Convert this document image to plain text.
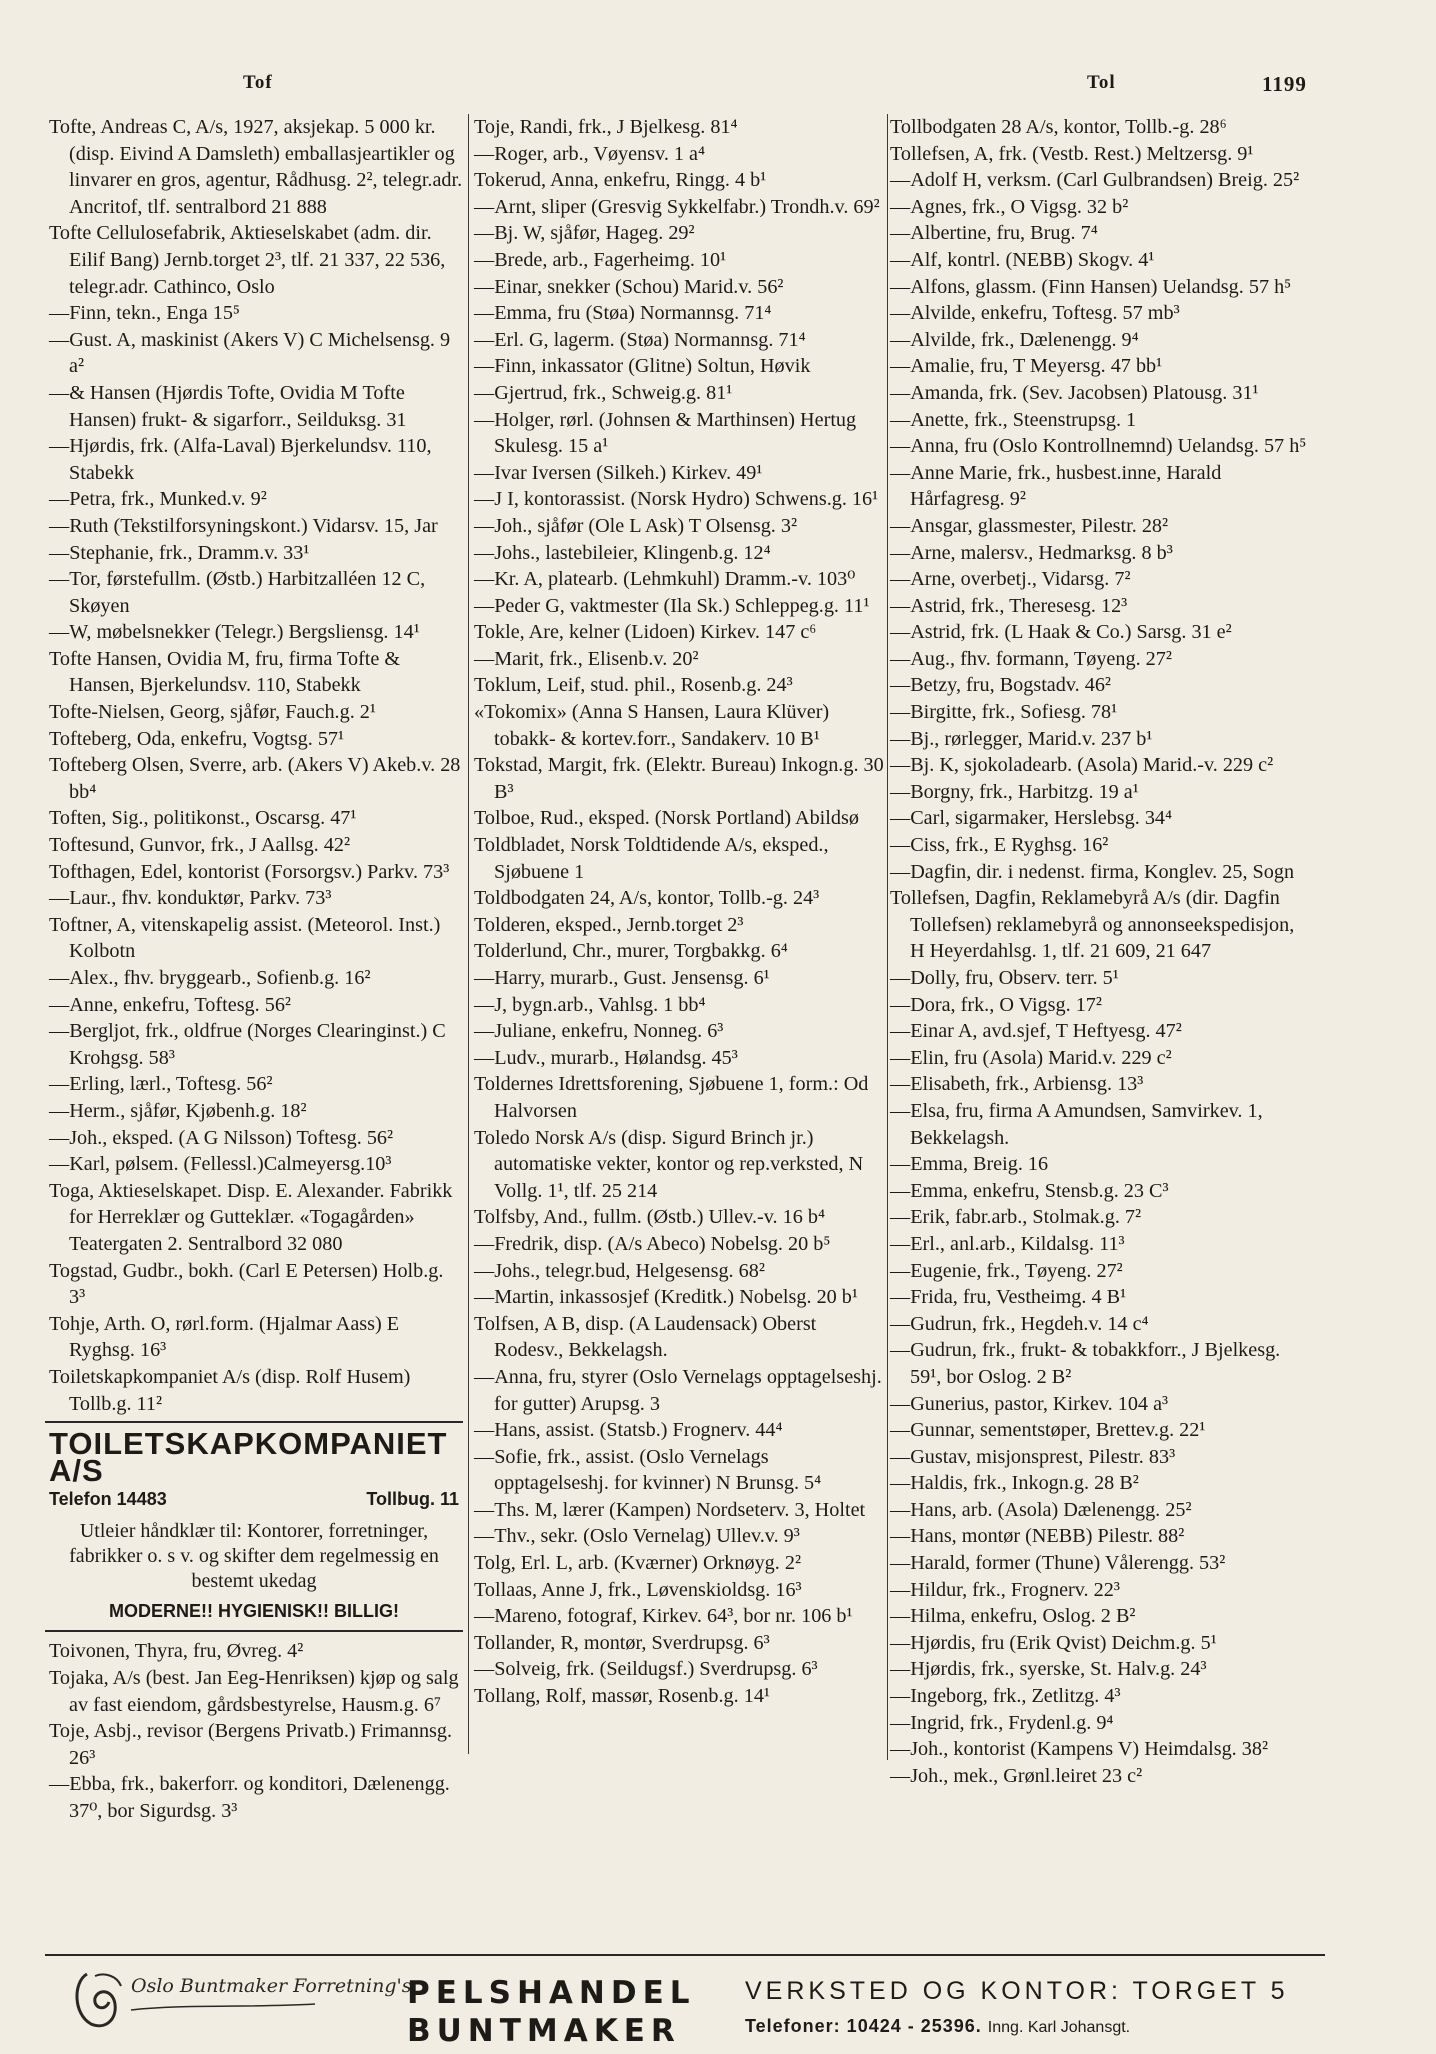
Tof	Tol	1199
Tofte, Andreas C, A/s, 1927, aksjekap. 5 000 kr. (disp. Eivind A Damsleth) emballasjeartikler og linvarer en gros, agentur, Rådhusg. 2², telegr.adr. Ancritof, tlf. sentralbord 21 888
Tofte Cellulosefabrik, Aktieselskabet (adm. dir. Eilif Bang) Jernb.torget 2³, tlf. 21 337, 22 536, telegr.adr. Cathinco, Oslo
—Finn, tekn., Enga 15⁵
—Gust. A, maskinist (Akers V) C Michelsensg. 9 a²
—& Hansen (Hjørdis Tofte, Ovidia M Tofte Hansen) frukt- & sigarforr., Seilduksg. 31
—Hjørdis, frk. (Alfa-Laval) Bjerkelundsv. 110, Stabekk
—Petra, frk., Munked.v. 9²
—Ruth (Tekstilforsyningskont.) Vidarsv. 15, Jar
—Stephanie, frk., Dramm.v. 33¹
—Tor, førstefullm. (Østb.) Harbitzalléen 12 C, Skøyen
—W, møbelsnekker (Telegr.) Bergsliensg. 14¹
Tofte Hansen, Ovidia M, fru, firma Tofte & Hansen, Bjerkelundsv. 110, Stabekk
Tofte-Nielsen, Georg, sjåfør, Fauch.g. 2¹
Tofteberg, Oda, enkefru, Vogtsg. 57¹
Tofteberg Olsen, Sverre, arb. (Akers V) Akeb.v. 28 bb⁴
Toften, Sig., politikonst., Oscarsg. 47¹
Toftesund, Gunvor, frk., J Aallsg. 42²
Tofthagen, Edel, kontorist (Forsorgsv.) Parkv. 73³
—Laur., fhv. konduktør, Parkv. 73³
Toftner, A, vitenskapelig assist. (Meteorol. Inst.) Kolbotn
—Alex., fhv. bryggearb., Sofienb.g. 16²
—Anne, enkefru, Toftesg. 56²
—Bergljot, frk., oldfrue (Norges Clearinginst.) C Krohgsg. 58³
—Erling, lærl., Toftesg. 56²
—Herm., sjåfør, Kjøbenh.g. 18²
—Joh., eksped. (A G Nilsson) Toftesg. 56²
—Karl, pølsem. (Fellessl.)Calmeyersg.10³
Toga, Aktieselskapet. Disp. E. Alexander. Fabrikk for Herreklær og Gutteklær. «Togagården» Teatergaten 2. Sentralbord 32 080
Togstad, Gudbr., bokh. (Carl E Petersen) Holb.g. 3³
Tohje, Arth. O, rørl.form. (Hjalmar Aass) E Ryghsg. 16³
Toiletskapkompaniet A/s (disp. Rolf Husem) Tollb.g. 11²
TOILETSKAPKOMPANIET A/S
Telefon 14483	Tollbug. 11
Utleier håndklær til: Kontorer, forretninger, fabrikker o. s v. og skifter dem regelmessig en bestemt ukedag
MODERNE!! HYGIENISK!! BILLIG!
Toivonen, Thyra, fru, Øvreg. 4²
Tojaka, A/s (best. Jan Eeg-Henriksen) kjøp og salg av fast eiendom, gårdsbestyrelse, Hausm.g. 6⁷
Toje, Asbj., revisor (Bergens Privatb.) Frimannsg. 26³
—Ebba, frk., bakerforr. og konditori, Dælenengg. 37⁰, bor Sigurdsg. 3³
Toje, Randi, frk., J Bjelkesg. 81⁴
—Roger, arb., Vøyensv. 1 a⁴
Tokerud, Anna, enkefru, Ringg. 4 b¹
—Arnt, sliper (Gresvig Sykkelfabr.) Trondh.v. 69²
—Bj. W, sjåfør, Hageg. 29²
—Brede, arb., Fagerheimg. 10¹
—Einar, snekker (Schou) Marid.v. 56²
—Emma, fru (Støa) Normannsg. 71⁴
—Erl. G, lagerm. (Støa) Normannsg. 71⁴
—Finn, inkassator (Glitne) Soltun, Høvik
—Gjertrud, frk., Schweig.g. 81¹
—Holger, rørl. (Johnsen & Marthinsen) Hertug Skulesg. 15 a¹
—Ivar Iversen (Silkeh.) Kirkev. 49¹
—J I, kontorassist. (Norsk Hydro) Schwens.g. 16¹
—Joh., sjåfør (Ole L Ask) T Olsensg. 3²
—Johs., lastebileier, Klingenb.g. 12⁴
—Kr. A, platearb. (Lehmkuhl) Dramm.-v. 103⁰
—Peder G, vaktmester (Ila Sk.) Schleppeg.g. 11¹
Tokle, Are, kelner (Lidoen) Kirkev. 147 c⁶
—Marit, frk., Elisenb.v. 20²
Toklum, Leif, stud. phil., Rosenb.g. 24³
«Tokomix» (Anna S Hansen, Laura Klüver) tobakk- & kortev.forr., Sandakerv. 10 B¹
Tokstad, Margit, frk. (Elektr. Bureau) Inkogn.g. 30 B³
Tolboe, Rud., eksped. (Norsk Portland) Abildsø
Toldbladet, Norsk Toldtidende A/s, eksped., Sjøbuene 1
Toldbodgaten 24, A/s, kontor, Tollb.-g. 24³
Tolderen, eksped., Jernb.torget 2³
Tolderlund, Chr., murer, Torgbakkg. 6⁴
—Harry, murarb., Gust. Jensensg. 6¹
—J, bygn.arb., Vahlsg. 1 bb⁴
—Juliane, enkefru, Nonneg. 6³
—Ludv., murarb., Hølandsg. 45³
Toldernes Idrettsforening, Sjøbuene 1, form.: Od Halvorsen
Toledo Norsk A/s (disp. Sigurd Brinch jr.) automatiske vekter, kontor og rep.verksted, N Vollg. 1¹, tlf. 25 214
Tolfsby, And., fullm. (Østb.) Ullev.-v. 16 b⁴
—Fredrik, disp. (A/s Abeco) Nobelsg. 20 b⁵
—Johs., telegr.bud, Helgesensg. 68²
—Martin, inkassosjef (Kreditk.) Nobelsg. 20 b¹
Tolfsen, A B, disp. (A Laudensack) Oberst Rodesv., Bekkelagsh.
—Anna, fru, styrer (Oslo Vernelags opptagelseshj. for gutter) Arupsg. 3
—Hans, assist. (Statsb.) Frognerv. 44⁴
—Sofie, frk., assist. (Oslo Vernelags opptagelseshj. for kvinner) N Brunsg. 5⁴
—Ths. M, lærer (Kampen) Nordseterv. 3, Holtet
—Thv., sekr. (Oslo Vernelag) Ullev.v. 9³
Tolg, Erl. L, arb. (Kværner) Orknøyg. 2²
Tollaas, Anne J, frk., Løvenskioldsg. 16³
—Mareno, fotograf, Kirkev. 64³, bor nr. 106 b¹
Tollander, R, montør, Sverdrupsg. 6³
—Solveig, frk. (Seildugsf.) Sverdrupsg. 6³
Tollang, Rolf, massør, Rosenb.g. 14¹
Tollbodgaten 28 A/s, kontor, Tollb.-g. 28⁶
Tollefsen, A, frk. (Vestb. Rest.) Meltzersg. 9¹
—Adolf H, verksm. (Carl Gulbrandsen) Breig. 25²
—Agnes, frk., O Vigsg. 32 b²
—Albertine, fru, Brug. 7⁴
—Alf, kontrl. (NEBB) Skogv. 4¹
—Alfons, glassm. (Finn Hansen) Uelandsg. 57 h⁵
—Alvilde, enkefru, Toftesg. 57 mb³
—Alvilde, frk., Dælenengg. 9⁴
—Amalie, fru, T Meyersg. 47 bb¹
—Amanda, frk. (Sev. Jacobsen) Platousg. 31¹
—Anette, frk., Steenstrupsg. 1
—Anna, fru (Oslo Kontrollnemnd) Uelandsg. 57 h⁵
—Anne Marie, frk., husbest.inne, Harald Hårfagresg. 9²
—Ansgar, glassmester, Pilestr. 28²
—Arne, malersv., Hedmarksg. 8 b³
—Arne, overbetj., Vidarsg. 7²
—Astrid, frk., Theresesg. 12³
—Astrid, frk. (L Haak & Co.) Sarsg. 31 e²
—Aug., fhv. formann, Tøyeng. 27²
—Betzy, fru, Bogstadv. 46²
—Birgitte, frk., Sofiesg. 78¹
—Bj., rørlegger, Marid.v. 237 b¹
—Bj. K, sjokoladearb. (Asola) Marid.-v. 229 c²
—Borgny, frk., Harbitzg. 19 a¹
—Carl, sigarmaker, Herslebsg. 34⁴
—Ciss, frk., E Ryghsg. 16²
—Dagfin, dir. i nedenst. firma, Konglev. 25, Sogn
Tollefsen, Dagfin, Reklamebyrå A/s (dir. Dagfin Tollefsen) reklamebyrå og annonseekspedisjon, H Heyerdahlsg. 1, tlf. 21 609, 21 647
—Dolly, fru, Observ. terr. 5¹
—Dora, frk., O Vigsg. 17²
—Einar A, avd.sjef, T Heftyesg. 47²
—Elin, fru (Asola) Marid.v. 229 c²
—Elisabeth, frk., Arbiensg. 13³
—Elsa, fru, firma A Amundsen, Samvirkev. 1, Bekkelagsh.
—Emma, Breig. 16
—Emma, enkefru, Stensb.g. 23 C³
—Erik, fabr.arb., Stolmak.g. 7²
—Erl., anl.arb., Kildalsg. 11³
—Eugenie, frk., Tøyeng. 27²
—Frida, fru, Vestheimg. 4 B¹
—Gudrun, frk., Hegdeh.v. 14 c⁴
—Gudrun, frk., frukt- & tobakkforr., J Bjelkesg. 59¹, bor Oslog. 2 B²
—Gunerius, pastor, Kirkev. 104 a³
—Gunnar, sementstøper, Brettev.g. 22¹
—Gustav, misjonsprest, Pilestr. 83³
—Haldis, frk., Inkogn.g. 28 B²
—Hans, arb. (Asola) Dælenengg. 25²
—Hans, montør (NEBB) Pilestr. 88²
—Harald, former (Thune) Vålerengg. 53²
—Hildur, frk., Frognerv. 22³
—Hilma, enkefru, Oslog. 2 B²
—Hjørdis, fru (Erik Qvist) Deichm.g. 5¹
—Hjørdis, frk., syerske, St. Halv.g. 24³
—Ingeborg, frk., Zetlitzg. 4³
—Ingrid, frk., Frydenl.g. 9⁴
—Joh., kontorist (Kampens V) Heimdalsg. 38²
—Joh., mek., Grønl.leiret 23 c²
Oslo Buntmaker Forretning's
PELSHANDEL
BUNTMAKER
VERKSTED OG KONTOR: TORGET 5
Telefoner: 10424 - 25396. Inng. Karl Johansgt.
